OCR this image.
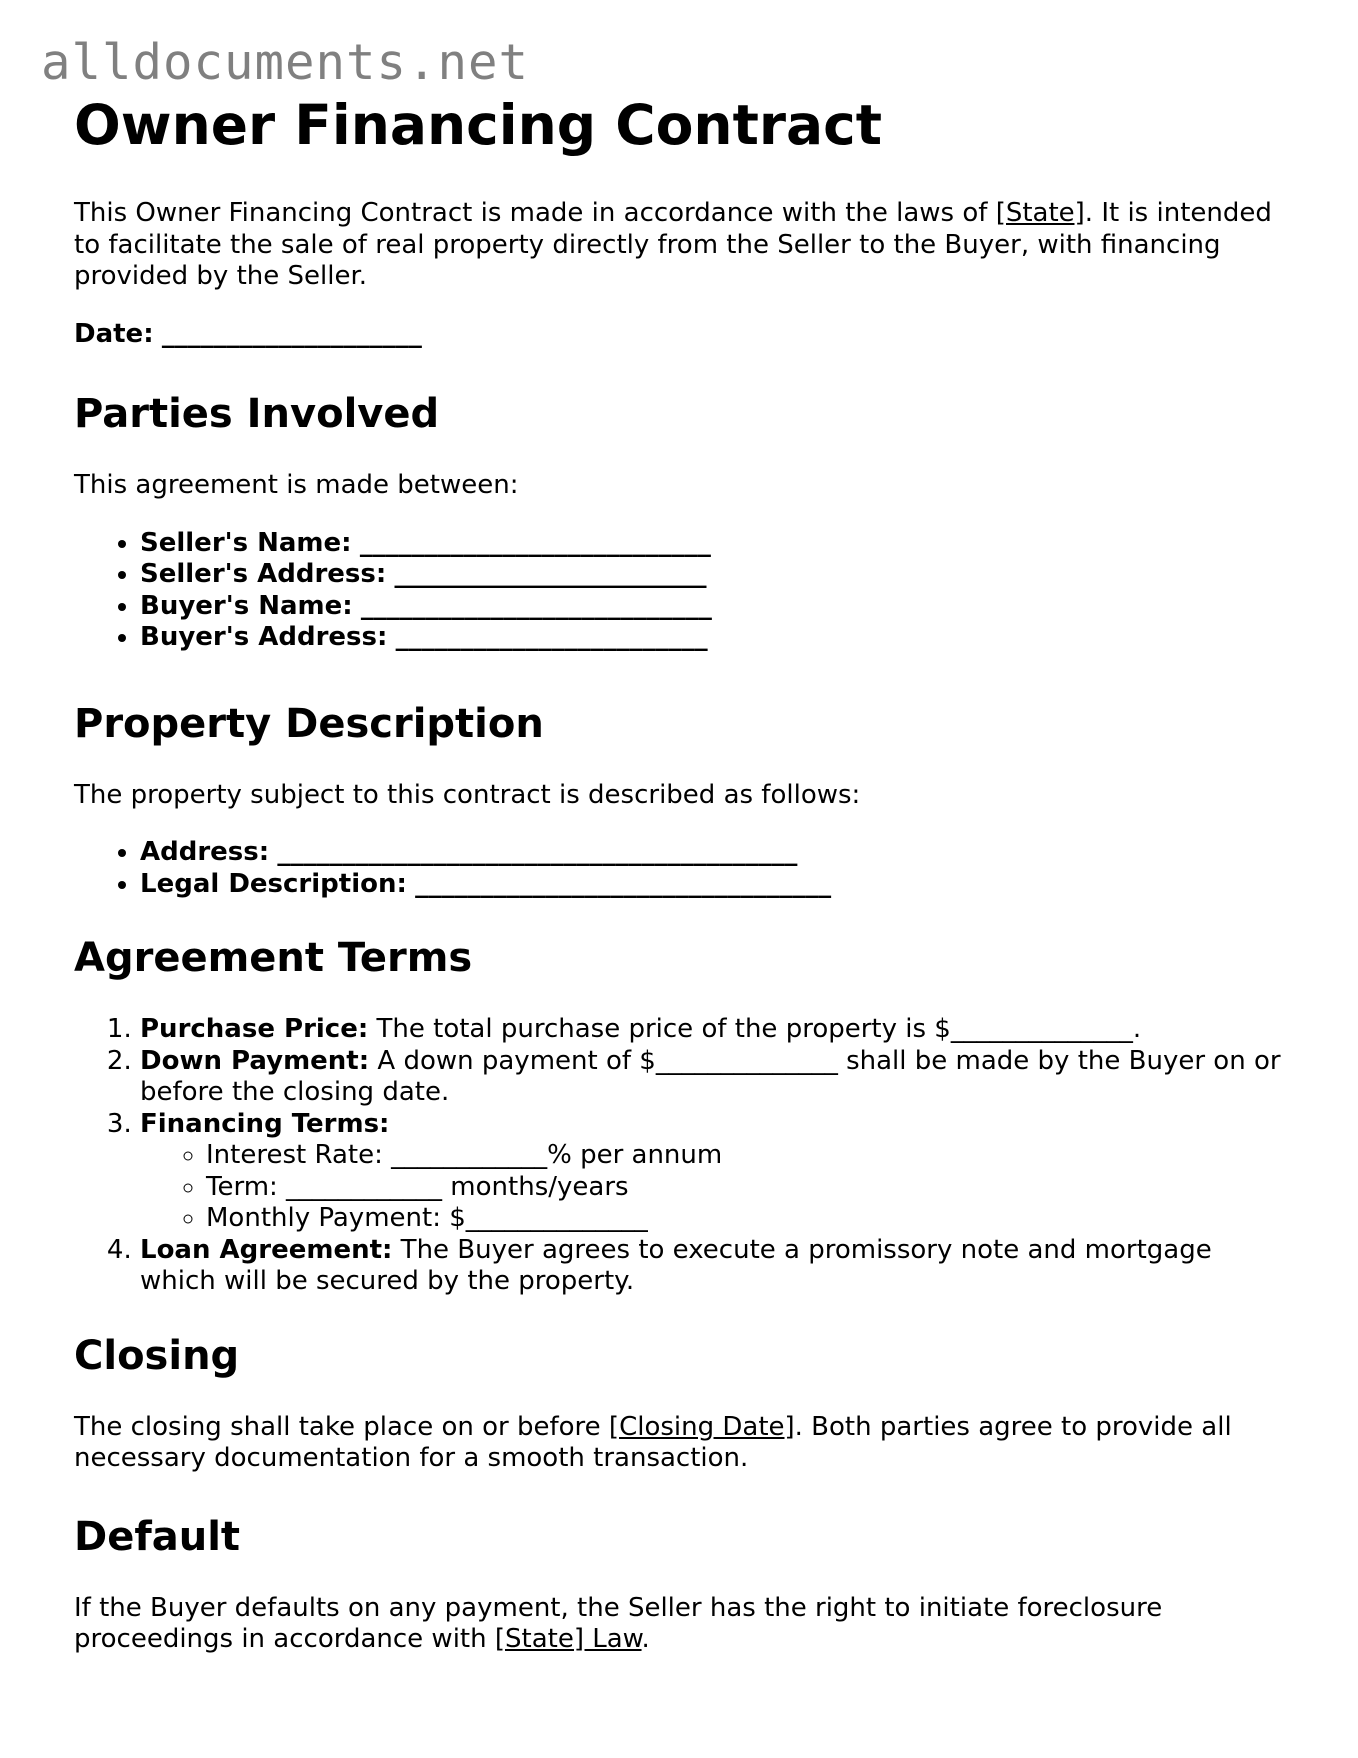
alldocuments.net
Owner Financing Contract

This Owner Financing Contract is made in accordance with the laws of [State]. It is intended to facilitate the sale of real property directly from the Seller to the Buyer, with financing provided by the Seller.

Date: ____________________

Parties Involved

This agreement is made between:

• Seller's Name: ___________________________
• Seller's Address: ________________________
• Buyer's Name: ___________________________
• Buyer's Address: ________________________
Property Description

The property subject to this contract is described as follows:

• Address: ________________________________________
• Legal Description: ________________________________
Agreement Terms
1. Purchase Price: The total purchase price of the property is $______________.
2. Down Payment: A down payment of $______________ shall be made by the Buyer on or before the closing date.
3. Financing Terms:
◦ Interest Rate: ____________% per annum
◦ Term: ____________ months/years
◦ Monthly Payment: $______________
4. Loan Agreement: The Buyer agrees to execute a promissory note and mortgage which will be secured by the property.
Closing

The closing shall take place on or before [Closing Date]. Both parties agree to provide all necessary documentation for a smooth transaction.

Default

If the Buyer defaults on any payment, the Seller has the right to initiate foreclosure proceedings in accordance with [State] Law.
